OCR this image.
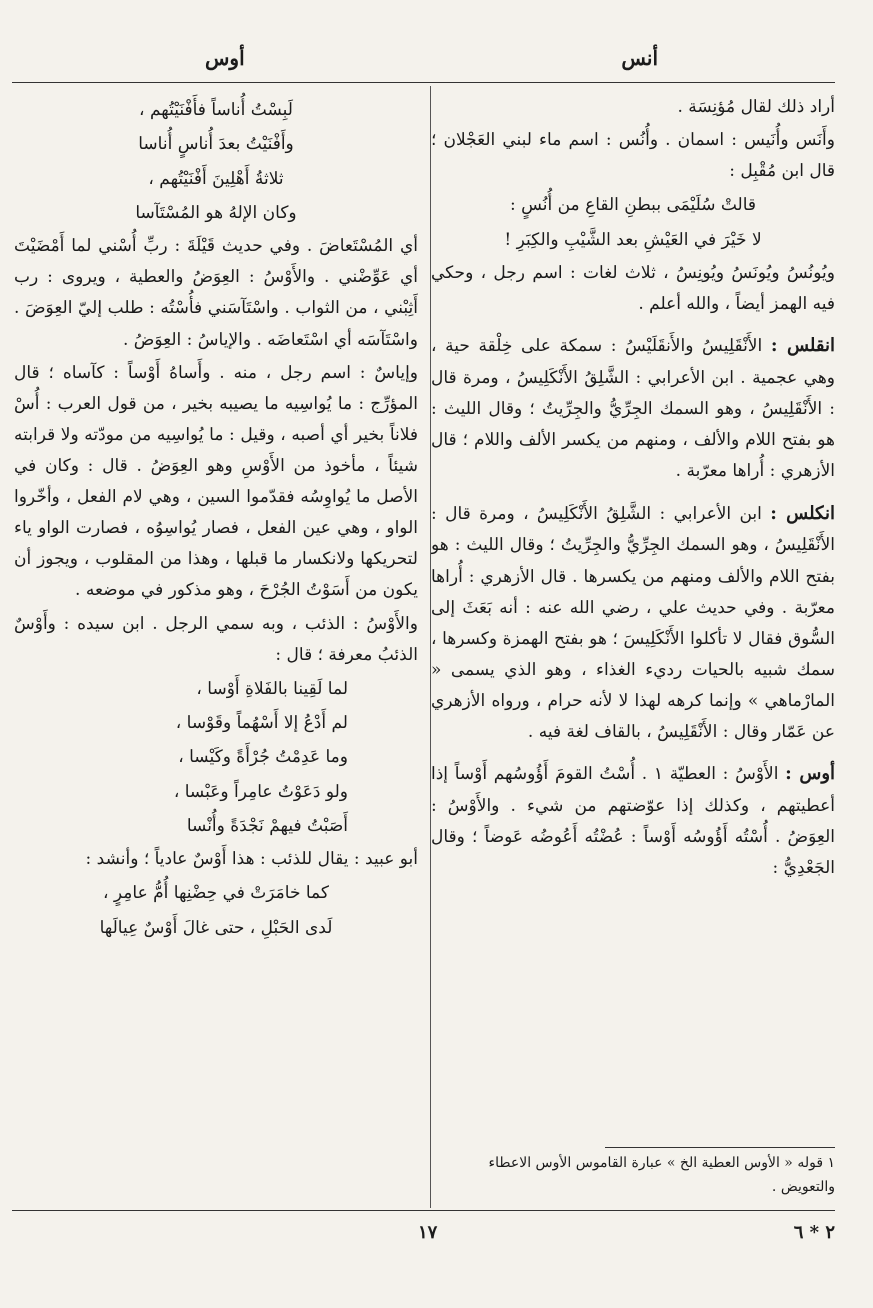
أنس
أوس

أراد ذلك لقال مُؤنِسَة .

وأَنَس وأُنَيس : اسمان . وأُنُس : اسم ماء لبني العَجْلان ؛ قال ابن مُقْبِل :

قالتْ سُلَيْمَى ببطنِ القاعِ من أُنُسٍ :
لا خَيْرَ في العَيْشِ بعد الشَّيْبِ والكِبَرِ !

ويُونُسُ ويُونَسُ ويُونِسُ ، ثلاث لغات : اسم رجل ، وحكي فيه الهمز أيضاً ، والله أعلم .

انقلس : الأَنْقَلِيسُ والأَنقَلَيْسُ : سمكة على خِلْقة حية ، وهي عجمية . ابن الأعرابي : الشَّلِقُ الأَنْكَلِيسُ ، ومرة قال : الأَنْقَلِيسُ ، وهو السمك الجِرِّيُّ والجِرِّيتُ ؛ وقال الليث : هو بفتح اللام والألف ، ومنهم من يكسر الألف واللام ؛ قال الأزهري : أُراها معرّبة .

انكلس : ابن الأعرابي : الشَّلِقُ الأَنْكَلِيسُ ، ومرة قال : الأَنْقَلِيسُ ، وهو السمك الجِرِّيُّ والجِرِّيتُ ؛ وقال الليث : هو بفتح اللام والألف ومنهم من يكسرها . قال الأزهري : أُراها معرّبة . وفي حديث علي ، رضي الله عنه : أنه بَعَثَ إلى السُّوق فقال لا تأكلوا الأَنْكَلِيسَ ؛ هو بفتح الهمزة وكسرها ، سمك شبيه بالحيات رديء الغذاء ، وهو الذي يسمى « المارْماهي » وإنما كرهه لهذا لا لأنه حرام ، ورواه الأزهري عن عَمّار وقال : الأَنْقَلِيسُ ، بالقاف لغة فيه .

أوس : الأَوْسُ : العطيّة ١ . أُسْتُ القومَ أَؤُوسُهم أَوْساً إذا أعطيتهم ، وكذلك إذا عوّضتهم من شيء . والأَوْسُ : العِوَضُ . أُسْتُه أَؤُوسُه أَوْساً : عُضْتُه أَعُوضُه عَوضاً ؛ وقال الجَعْدِيُّ :

لَبِسْتُ أُناساً فأَفْنَيْتُهم ،
وأَفْنَيْتُ بعدَ أُناسٍ أُناسا
ثلاثةُ أَهْلِينَ أَفْنَيْتُهم ،
وكان الإلهُ هو المُسْتَآسا

أي المُسْتَعاضَ . وفي حديث قَيْلَةَ : ربِّ أُسْني لما أَمْضَيْتَ أي عَوِّضْني . والأَوْسُ : العِوَضُ والعطية ، ويروى : رب أَثِبْني ، من الثواب . واسْتَآسَني فأُسْتُه : طلب إليّ العِوَضَ . واسْتَآسَه أي اسْتَعاضَه . والإياسُ : العِوَضُ .

وإياسٌ : اسم رجل ، منه . وأَساهُ أَوْساً : كآساه ؛ قال المؤرِّج : ما يُواسِيه ما يصيبه بخير ، من قول العرب : أُسْ فلاناً بخير أي أصبه ، وقيل : ما يُواسِيه من مودّته ولا قرابته شيئاً ، مأخوذ من الأَوْسِ وهو العِوَضُ . قال : وكان في الأصل ما يُواوِسُه فقدّموا السين ، وهي لام الفعل ، وأخّروا الواو ، وهي عين الفعل ، فصار يُواسِوُه ، فصارت الواو ياء لتحريكها ولانكسار ما قبلها ، وهذا من المقلوب ، ويجوز أن يكون من أَسَوْتُ الجُرْحَ ، وهو مذكور في موضعه .

والأَوْسُ : الذئب ، وبه سمي الرجل . ابن سيده : وأَوْسٌ الذئبُ معرفة ؛ قال :

لما لَقِينا بالفَلاةِ أَوْسا ،
لم أَدْعُ إلا أَسْهُماً وقَوْسا ،
وما عَدِمْتُ جُرْأَةً وكَيْسا ،
ولو دَعَوْتُ عامِراً وعَبْسا ،
أَصَبْتُ فيهمْ نَجْدَةً وأُنْسا

أبو عبيد : يقال للذئب : هذا أَوْسٌ عادياً ؛ وأنشد :

كما خامَرَتْ في حِضْنِها أُمُّ عامِرٍ ،
لَدى الحَبْلِ ، حتى غالَ أَوْسٌ عِيالَها
١ قوله « الأوس العطية الخ » عبارة القاموس الأوس الاعطاء والتعويض .
١٧	٢ * ٦
